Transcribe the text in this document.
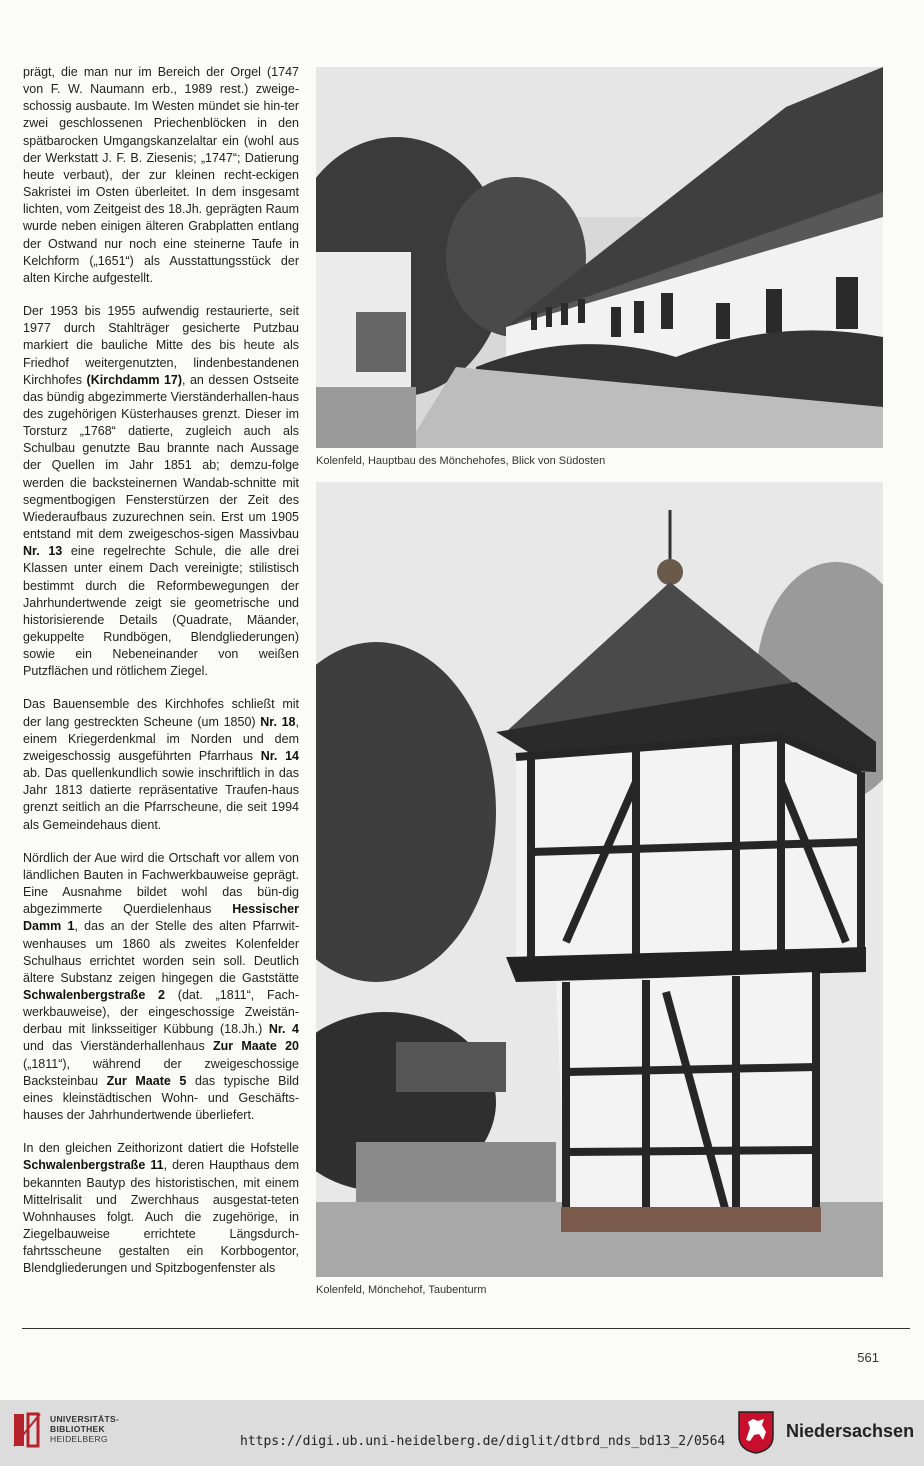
prägt, die man nur im Bereich der Orgel (1747 von F. W. Naumann erb., 1989 rest.) zweige-schossig ausbaute. Im Westen mündet sie hin-ter zwei geschlossenen Priechenblöcken in den spätbarocken Umgangskanzelaltar ein (wohl aus der Werkstatt J. F. B. Ziesenis; „1747“; Datierung heute verbaut), der zur kleinen recht-eckigen Sakristei im Osten überleitet. In dem insgesamt lichten, vom Zeitgeist des 18.Jh. geprägten Raum wurde neben einigen älteren Grabplatten entlang der Ostwand nur noch eine steinerne Taufe in Kelchform („1651“) als Ausstattungsstück der alten Kirche aufgestellt.

Der 1953 bis 1955 aufwendig restaurierte, seit 1977 durch Stahlträger gesicherte Putzbau markiert die bauliche Mitte des bis heute als Friedhof weitergenutzten, lindenbestandenen Kirchhofes (Kirchdamm 17), an dessen Ostseite das bündig abgezimmerte Vierständerhallen-haus des zugehörigen Küsterhauses grenzt. Dieser im Torsturz „1768“ datierte, zugleich auch als Schulbau genutzte Bau brannte nach Aussage der Quellen im Jahr 1851 ab; demzu-folge werden die backsteinernen Wandab-schnitte mit segmentbogigen Fensterstürzen der Zeit des Wiederaufbaus zuzurechnen sein. Erst um 1905 entstand mit dem zweigeschos-sigen Massivbau Nr. 13 eine regelrechte Schule, die alle drei Klassen unter einem Dach vereinigte; stilistisch bestimmt durch die Reformbewegungen der Jahrhundertwende zeigt sie geometrische und historisierende Details (Quadrate, Mäander, gekuppelte Rundbögen, Blendgliederungen) sowie ein Nebeneinander von weißen Putzflächen und rötlichem Ziegel.

Das Bauensemble des Kirchhofes schließt mit der lang gestreckten Scheune (um 1850) Nr. 18, einem Kriegerdenkmal im Norden und dem zweigeschossig ausgeführten Pfarrhaus Nr. 14 ab. Das quellenkundlich sowie inschriftlich in das Jahr 1813 datierte repräsentative Traufen-haus grenzt seitlich an die Pfarrscheune, die seit 1994 als Gemeindehaus dient.

Nördlich der Aue wird die Ortschaft vor allem von ländlichen Bauten in Fachwerkbauweise geprägt. Eine Ausnahme bildet wohl das bün-dig abgezimmerte Querdielenhaus Hessischer Damm 1, das an der Stelle des alten Pfarrwit-wenhauses um 1860 als zweites Kolenfelder Schulhaus errichtet worden sein soll. Deutlich ältere Substanz zeigen hingegen die Gaststätte Schwalenbergstraße 2 (dat. „1811“, Fach-werkbauweise), der eingeschossige Zweistän-derbau mit linksseitiger Kübbung (18.Jh.) Nr. 4 und das Vierständerhallenhaus Zur Maate 20 („1811“), während der zweigeschossige Backsteinbau Zur Maate 5 das typische Bild eines kleinstädtischen Wohn- und Geschäfts-hauses der Jahrhundertwende überliefert.

In den gleichen Zeithorizont datiert die Hofstelle Schwalenbergstraße 11, deren Haupthaus dem bekannten Bautyp des historistischen, mit einem Mittelrisalit und Zwerchhaus ausgestat-teten Wohnhauses folgt. Auch die zugehörige, in Ziegelbauweise errichtete Längsdurch-fahrtsscheune gestalten ein Korbbogentor, Blendgliederungen und Spitzbogenfenster als

Kolenfeld, Hauptbau des Mönchehofes, Blick von Südosten
Kolenfeld, Mönchehof, Taubenturm
561
UNIVERSITÄTS-
BIBLIOTHEK
HEIDELBERG	https://digi.ub.uni-heidelberg.de/diglit/dtbrd_nds_bd13_2/0564
Niedersachsen
